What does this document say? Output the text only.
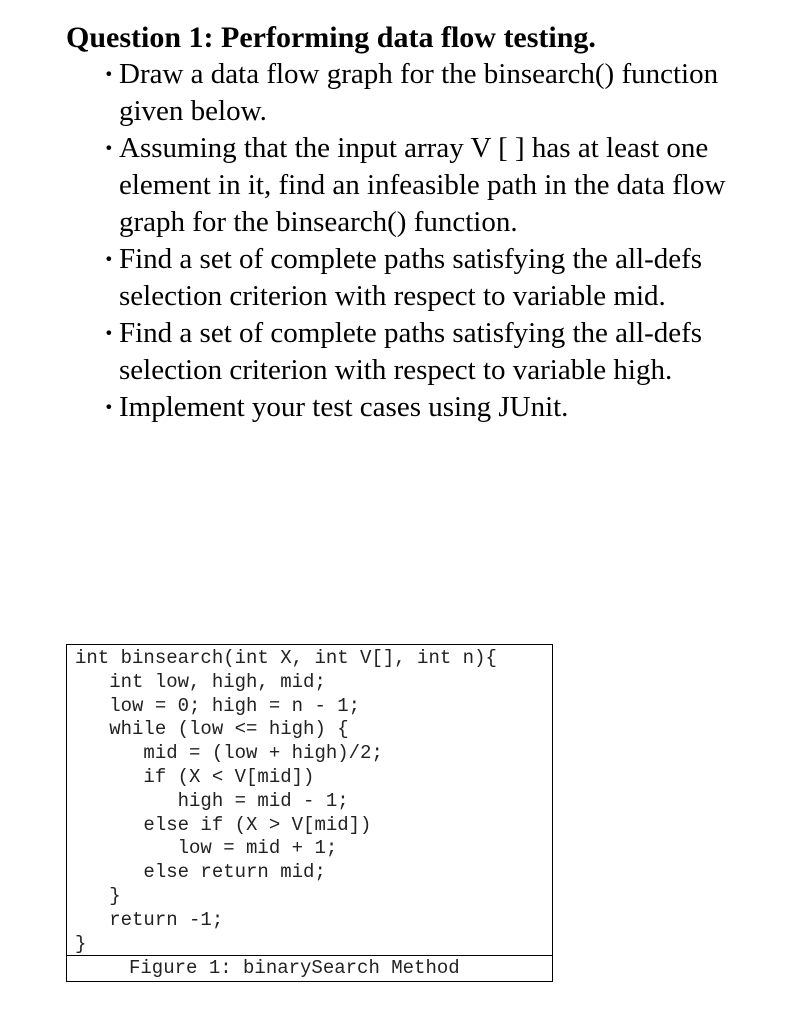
Question 1: Performing data flow testing.
· Draw a data flow graph for the binsearch() function given below.
· Assuming that the input array V [ ] has at least one element in it, find an infeasible path in the data flow graph for the binsearch() function.
· Find a set of complete paths satisfying the all-defs selection criterion with respect to variable mid.
· Find a set of complete paths satisfying the all-defs selection criterion with respect to variable high.
· Implement your test cases using JUnit.
int binsearch(int X, int V[], int n){
int low, high, mid;
low = 0; high = n - 1;
while (low <= high) {
mid = (low + high)/2;
if (X < V[mid])
high = mid - 1;
else if (X > V[mid])
low = mid + 1;
else return mid;
}
return -1;
}
Figure 1: binarySearch Method
